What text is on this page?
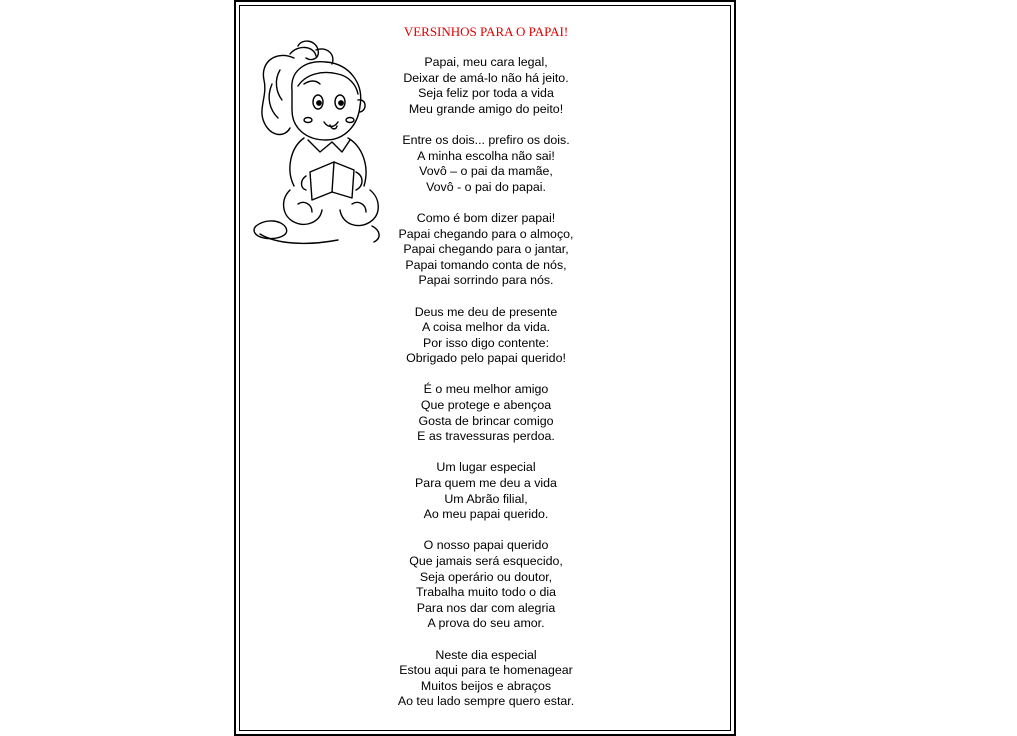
VERSINHOS PARA O PAPAI!
Papai, meu cara legal,
Deixar de amá-lo não há jeito.
Seja feliz por toda a vida
Meu grande amigo do peito!
Entre os dois... prefiro os dois.
A minha escolha não sai!
Vovô – o pai da mamãe,
Vovô - o pai do papai.
Como é bom dizer papai!
Papai chegando para o almoço,
Papai chegando para o jantar,
Papai tomando conta de nós,
Papai sorrindo para nós.
Deus me deu de presente
A coisa melhor da vida.
Por isso digo contente:
Obrigado pelo papai querido!
É o meu melhor amigo
Que protege e abençoa
Gosta de brincar comigo
E as travessuras perdoa.
Um lugar especial
Para quem me deu a vida
Um Abrão filial,
Ao meu papai querido.
O nosso papai querido
Que jamais será esquecido,
Seja operário ou doutor,
Trabalha muito todo o dia
Para nos dar com alegria
A prova do seu amor.
Neste dia especial
Estou aqui para te homenagear
Muitos beijos e abraços
Ao teu lado sempre quero estar.
